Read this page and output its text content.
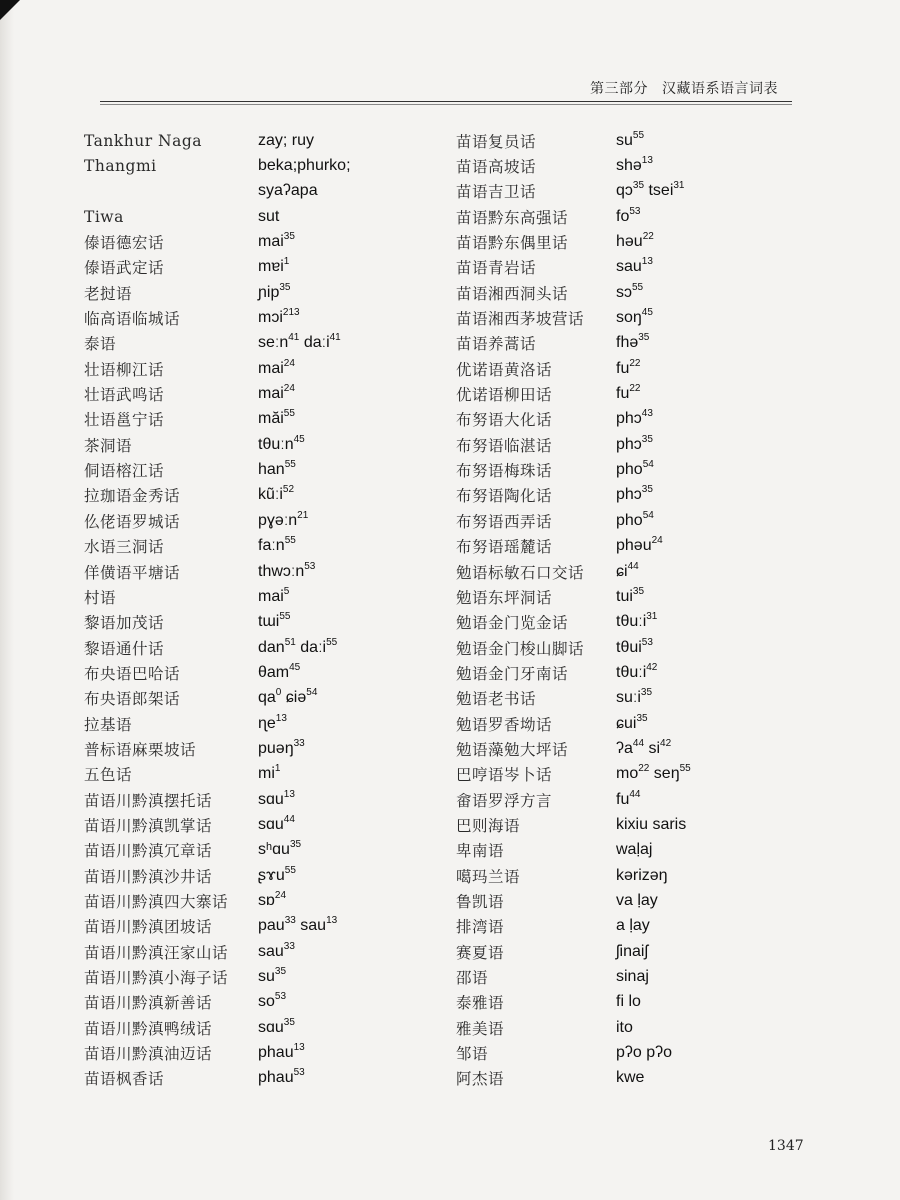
第三部分 汉藏语系语言词表
Tankhur Naga	zay; ruy
Thangmi	beka;phurko;
syaʔapa
Tiwa	sut
傣语德宏话	mai$^{35}$
傣语武定话	mɐi$^1$
老挝语	ɲip$^{35}$
临高语临城话	mɔi$^{213}$
泰语	seːn$^{41}$ daːi$^{41}$
壮语柳江话	mai$^{24}$
壮语武鸣话	mai$^{24}$
壮语邕宁话	măi$^{55}$
茶洞语	tθuːn$^{45}$
侗语榕江话	han$^{55}$
拉珈语金秀话	kũːi$^{52}$
仫佬语罗城话	pɣəːn$^{21}$
水语三洞话	faːn$^{55}$
佯僙语平塘话	thwɔːn$^{53}$
村语	mai$^5$
黎语加茂话	tɯi$^{55}$
黎语通什话	dan$^{51}$ daːi$^{55}$
布央语巴哈话	θam$^{45}$
布央语郎架话	$qa^0$ ɕiə$^{54}$
拉基语	ɳe$^{13}$
普标语麻栗坡话	puəŋ$^{33}$
五色话	$mi^1$
苗语川黔滇摆托话	sɑu$^{13}$
苗语川黔滇凯掌话	sɑu$^{44}$
苗语川黔滇冗章话	sʰɑu$^{35}$
苗语川黔滇沙井话	ʂɤu$^{55}$
苗语川黔滇四大寨话	sɒ$^{24}$
苗语川黔滇团坡话	pau$^{33}$ sau$^{13}$
苗语川黔滇汪家山话	sau$^{33}$
苗语川黔滇小海子话	$su^{35}$
苗语川黔滇新善话	$so^{53}$
苗语川黔滇鸭绒话	sɑu$^{35}$
苗语川黔滇油迈话	phau$^{13}$
苗语枫香话	phau$^{53}$
苗语复员话	$su^{55}$
苗语高坡话	shə$^{13}$
苗语吉卫话	qɔ$^{35}$ tsei$^{31}$
苗语黔东高强话	$fo^{53}$
苗语黔东偶里话	həu$^{22}$
苗语青岩话	sau$^{13}$
苗语湘西洞头话	sɔ$^{55}$
苗语湘西茅坡营话	soŋ$^{45}$
苗语养蒿话	fhə$^{35}$
优诺语黄洛话	$fu^{22}$
优诺语柳田话	$fu^{22}$
布努语大化话	phɔ$^{43}$
布努语临湛话	phɔ$^{35}$
布努语梅珠话	pho$^{54}$
布努语陶化话	phɔ$^{35}$
布努语西弄话	pho$^{54}$
布努语瑶麓话	phəu$^{24}$
勉语标敏石口交话	ɕi$^{44}$
勉语东坪洞话	tui$^{35}$
勉语金门览金话	tθuːi$^{31}$
勉语金门梭山脚话	tθui$^{53}$
勉语金门牙南话	tθuːi$^{42}$
勉语老书话	suːi$^{35}$
勉语罗香坳话	ɕui$^{35}$
勉语藻勉大坪话	ʔa$^{44}$ $si^{42}$
巴哼语岑卜话	$mo^{22}$ seŋ$^{55}$
畲语罗浮方言	$fu^{44}$
巴则海语	kixiu saris
卑南语	waḷaj
噶玛兰语	kərizəŋ
鲁凯语	va ḷay
排湾语	a ḷay
赛夏语	ʃinaiʃ
邵语	sinaj
泰雅语	fi lo
雅美语	ito
邹语	pʔo pʔo
阿杰语	kwe
1347
